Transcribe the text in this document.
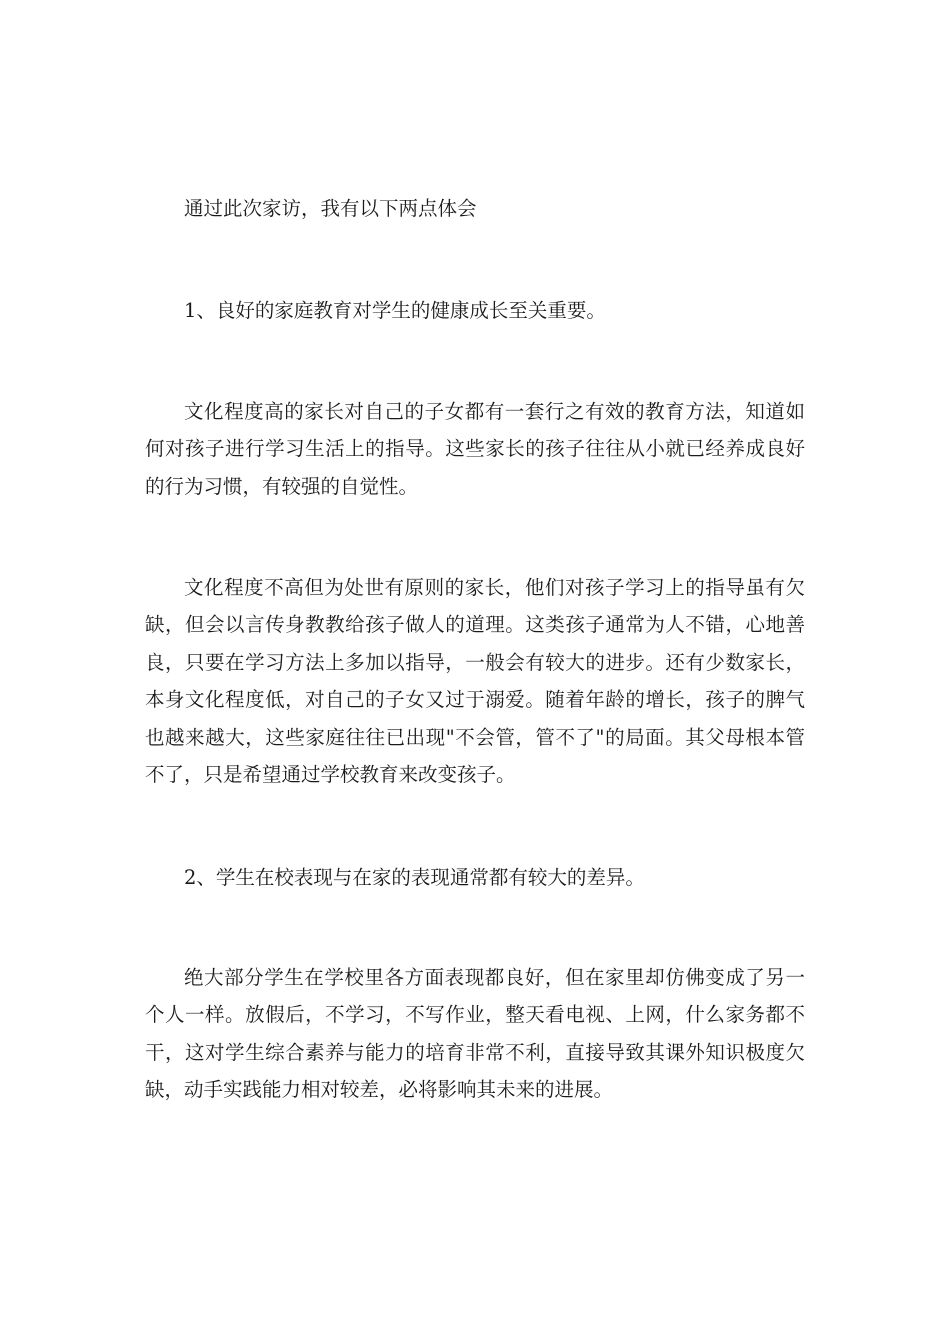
通过此次家访，我有以下两点体会

1、良好的家庭教育对学生的健康成长至关重要。

文化程度高的家长对自己的子女都有一套行之有效的教育方法，知道如何对孩子进行学习生活上的指导。这些家长的孩子往往从小就已经养成良好的行为习惯，有较强的自觉性。

文化程度不高但为处世有原则的家长，他们对孩子学习上的指导虽有欠缺，但会以言传身教教给孩子做人的道理。这类孩子通常为人不错，心地善良，只要在学习方法上多加以指导，一般会有较大的进步。还有少数家长，本身文化程度低，对自己的子女又过于溺爱。随着年龄的增长，孩子的脾气也越来越大，这些家庭往往已出现"不会管，管不了"的局面。其父母根本管不了，只是希望通过学校教育来改变孩子。

2、学生在校表现与在家的表现通常都有较大的差异。

绝大部分学生在学校里各方面表现都良好，但在家里却仿佛变成了另一个人一样。放假后，不学习，不写作业，整天看电视、上网，什么家务都不干，这对学生综合素养与能力的培育非常不利，直接导致其课外知识极度欠缺，动手实践能力相对较差，必将影响其未来的进展。
